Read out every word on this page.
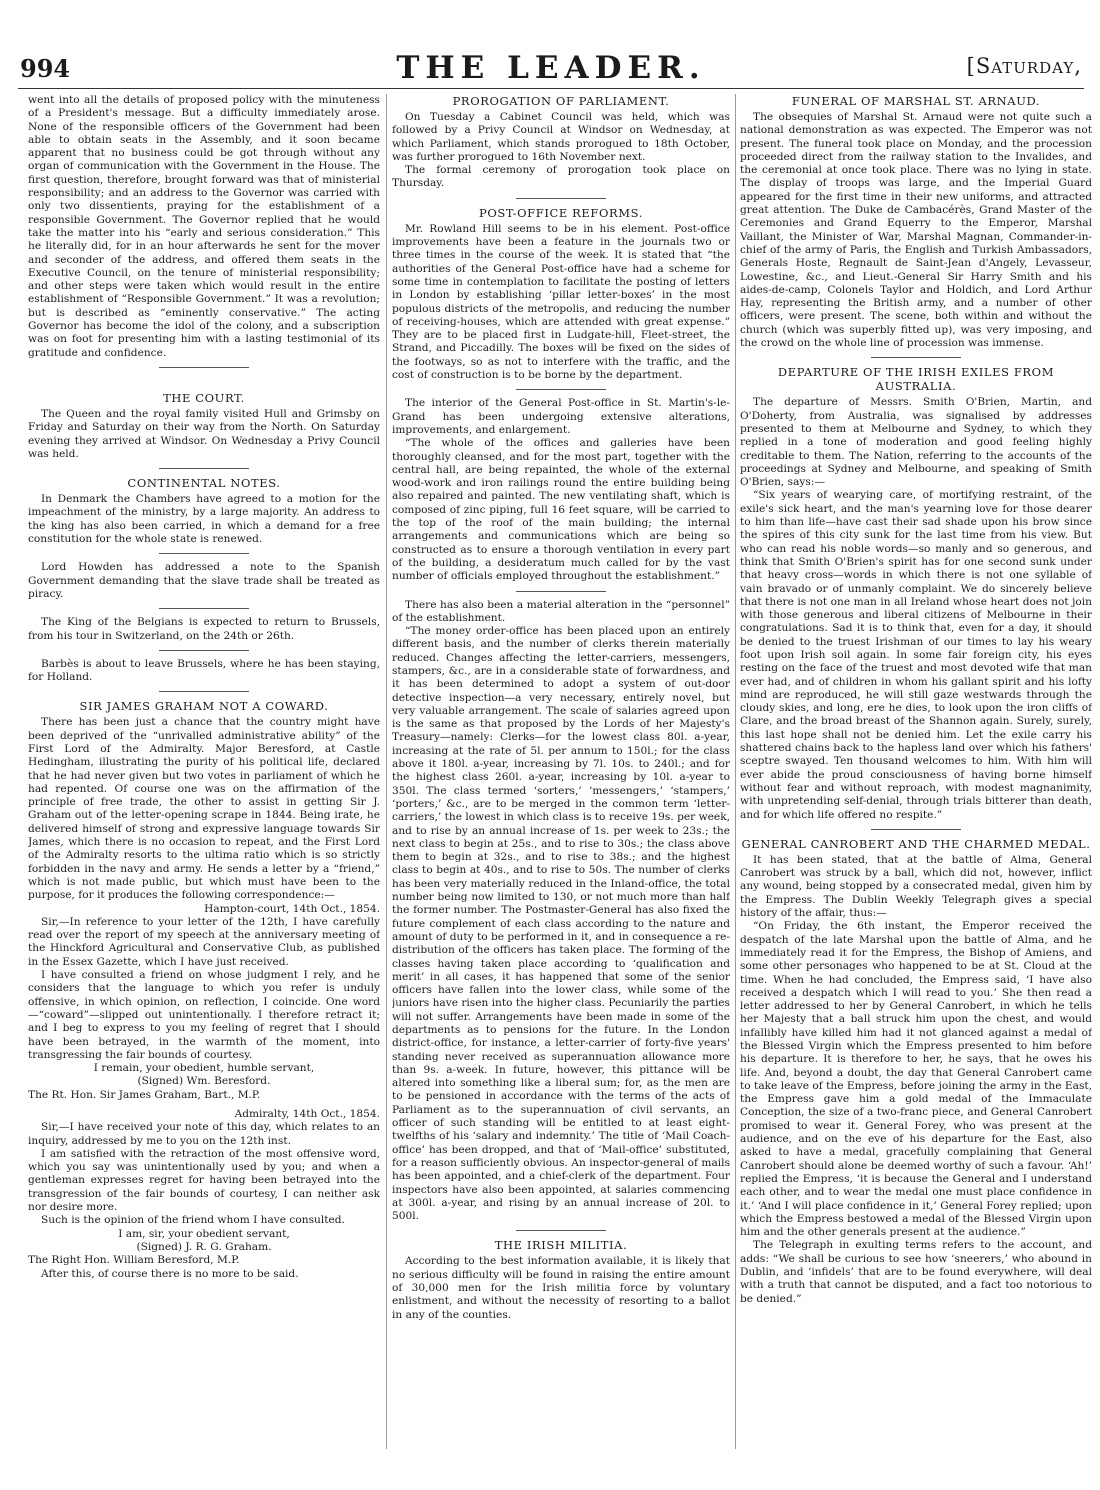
994	THE LEADER.	[Saturday,

went into all the details of proposed policy with the minuteness of a President's message. But a difficulty immediately arose. None of the responsible officers of the Government had been able to obtain seats in the Assembly, and it soon became apparent that no business could be got through without any organ of communication with the Government in the House. The first question, therefore, brought forward was that of ministerial responsibility; and an address to the Governor was carried with only two dissentients, praying for the establishment of a responsible Government. The Governor replied that he would take the matter into his “early and serious consideration.” This he literally did, for in an hour afterwards he sent for the mover and seconder of the address, and offered them seats in the Executive Council, on the tenure of ministerial responsibility; and other steps were taken which would result in the entire establishment of “Responsible Government.” It was a revolution; but is described as “eminently conservative.” The acting Governor has become the idol of the colony, and a subscription was on foot for presenting him with a lasting testimonial of its gratitude and confidence.

THE COURT.

The Queen and the royal family visited Hull and Grimsby on Friday and Saturday on their way from the North. On Saturday evening they arrived at Windsor. On Wednesday a Privy Council was held.

CONTINENTAL NOTES.

In Denmark the Chambers have agreed to a motion for the impeachment of the ministry, by a large majority. An address to the king has also been carried, in which a demand for a free constitution for the whole state is renewed.

Lord Howden has addressed a note to the Spanish Government demanding that the slave trade shall be treated as piracy.

The King of the Belgians is expected to return to Brussels, from his tour in Switzerland, on the 24th or 26th.

Barbès is about to leave Brussels, where he has been staying, for Holland.

SIR JAMES GRAHAM NOT A COWARD.

There has been just a chance that the country might have been deprived of the “unrivalled administrative ability” of the First Lord of the Admiralty. Major Beresford, at Castle Hedingham, illustrating the purity of his political life, declared that he had never given but two votes in parliament of which he had repented. Of course one was on the affirmation of the principle of free trade, the other to assist in getting Sir J. Graham out of the letter-opening scrape in 1844. Being irate, he delivered himself of strong and expressive language towards Sir James, which there is no occasion to repeat, and the First Lord of the Admiralty resorts to the ultima ratio which is so strictly forbidden in the navy and army. He sends a letter by a “friend,” which is not made public, but which must have been to the purpose, for it produces the following correspondence:—

Hampton-court, 14th Oct., 1854.

Sir,—In reference to your letter of the 12th, I have carefully read over the report of my speech at the anniversary meeting of the Hinckford Agricultural and Conservative Club, as published in the Essex Gazette, which I have just received.

I have consulted a friend on whose judgment I rely, and he considers that the language to which you refer is unduly offensive, in which opinion, on reflection, I coincide. One word—“coward”—slipped out unintentionally. I therefore retract it; and I beg to express to you my feeling of regret that I should have been betrayed, in the warmth of the moment, into transgressing the fair bounds of courtesy.

I remain, your obedient, humble servant,

(Signed) Wm. Beresford.

The Rt. Hon. Sir James Graham, Bart., M.P.

Admiralty, 14th Oct., 1854.

Sir,—I have received your note of this day, which relates to an inquiry, addressed by me to you on the 12th inst.

I am satisfied with the retraction of the most offensive word, which you say was unintentionally used by you; and when a gentleman expresses regret for having been betrayed into the transgression of the fair bounds of courtesy, I can neither ask nor desire more.

Such is the opinion of the friend whom I have consulted.

I am, sir, your obedient servant,

(Signed) J. R. G. Graham.

The Right Hon. William Beresford, M.P.

After this, of course there is no more to be said.

PROROGATION OF PARLIAMENT.

On Tuesday a Cabinet Council was held, which was followed by a Privy Council at Windsor on Wednesday, at which Parliament, which stands prorogued to 18th October, was further prorogued to 16th November next.

The formal ceremony of prorogation took place on Thursday.

POST-OFFICE REFORMS.

Mr. Rowland Hill seems to be in his element. Post-office improvements have been a feature in the journals two or three times in the course of the week. It is stated that “the authorities of the General Post-office have had a scheme for some time in contemplation to facilitate the posting of letters in London by establishing ‘pillar letter-boxes’ in the most populous districts of the metropolis, and reducing the number of receiving-houses, which are attended with great expense.” They are to be placed first in Ludgate-hill, Fleet-street, the Strand, and Piccadilly. The boxes will be fixed on the sides of the footways, so as not to interfere with the traffic, and the cost of construction is to be borne by the department.

The interior of the General Post-office in St. Martin's-le-Grand has been undergoing extensive alterations, improvements, and enlargement.

“The whole of the offices and galleries have been thoroughly cleansed, and for the most part, together with the central hall, are being repainted, the whole of the external wood-work and iron railings round the entire building being also repaired and painted. The new ventilating shaft, which is composed of zinc piping, full 16 feet square, will be carried to the top of the roof of the main building; the internal arrangements and communications which are being so constructed as to ensure a thorough ventilation in every part of the building, a desideratum much called for by the vast number of officials employed throughout the establishment.”

There has also been a material alteration in the “personnel” of the establishment.

“The money order-office has been placed upon an entirely different basis, and the number of clerks therein materially reduced. Changes affecting the letter-carriers, messengers, stampers, &c., are in a considerable state of forwardness, and it has been determined to adopt a system of out-door detective inspection—a very necessary, entirely novel, but very valuable arrangement. The scale of salaries agreed upon is the same as that proposed by the Lords of her Majesty's Treasury—namely: Clerks—for the lowest class 80l. a-year, increasing at the rate of 5l. per annum to 150l.; for the class above it 180l. a-year, increasing by 7l. 10s. to 240l.; and for the highest class 260l. a-year, increasing by 10l. a-year to 350l. The class termed ‘sorters,’ ‘messengers,’ ‘stampers,’ ‘porters,’ &c., are to be merged in the common term ‘letter-carriers,’ the lowest in which class is to receive 19s. per week, and to rise by an annual increase of 1s. per week to 23s.; the next class to begin at 25s., and to rise to 30s.; the class above them to begin at 32s., and to rise to 38s.; and the highest class to begin at 40s., and to rise to 50s. The number of clerks has been very materially reduced in the Inland-office, the total number being now limited to 130, or not much more than half the former number. The Postmaster-General has also fixed the future complement of each class according to the nature and amount of duty to be performed in it, and in consequence a re-distribution of the officers has taken place. The forming of the classes having taken place according to ‘qualification and merit’ in all cases, it has happened that some of the senior officers have fallen into the lower class, while some of the juniors have risen into the higher class. Pecuniarily the parties will not suffer. Arrangements have been made in some of the departments as to pensions for the future. In the London district-office, for instance, a letter-carrier of forty-five years' standing never received as superannuation allowance more than 9s. a-week. In future, however, this pittance will be altered into something like a liberal sum; for, as the men are to be pensioned in accordance with the terms of the acts of Parliament as to the superannuation of civil servants, an officer of such standing will be entitled to at least eight-twelfths of his ‘salary and indemnity.’ The title of ‘Mail Coach-office’ has been dropped, and that of ‘Mail-office’ substituted, for a reason sufficiently obvious. An inspector-general of mails has been appointed, and a chief-clerk of the department. Four inspectors have also been appointed, at salaries commencing at 300l. a-year, and rising by an annual increase of 20l. to 500l.

THE IRISH MILITIA.

According to the best information available, it is likely that no serious difficulty will be found in raising the entire amount of 30,000 men for the Irish militia force by voluntary enlistment, and without the necessity of resorting to a ballot in any of the counties.

FUNERAL OF MARSHAL ST. ARNAUD.

The obsequies of Marshal St. Arnaud were not quite such a national demonstration as was expected. The Emperor was not present. The funeral took place on Monday, and the procession proceeded direct from the railway station to the Invalides, and the ceremonial at once took place. There was no lying in state. The display of troops was large, and the Imperial Guard appeared for the first time in their new uniforms, and attracted great attention. The Duke de Cambacérès, Grand Master of the Ceremonies and Grand Equerry to the Emperor, Marshal Vaillant, the Minister of War, Marshal Magnan, Commander-in-chief of the army of Paris, the English and Turkish Ambassadors, Generals Hoste, Regnault de Saint-Jean d'Angely, Levasseur, Lowestine, &c., and Lieut.-General Sir Harry Smith and his aides-de-camp, Colonels Taylor and Holdich, and Lord Arthur Hay, representing the British army, and a number of other officers, were present. The scene, both within and without the church (which was superbly fitted up), was very imposing, and the crowd on the whole line of procession was immense.

DEPARTURE OF THE IRISH EXILES FROM AUSTRALIA.

The departure of Messrs. Smith O'Brien, Martin, and O'Doherty, from Australia, was signalised by addresses presented to them at Melbourne and Sydney, to which they replied in a tone of moderation and good feeling highly creditable to them. The Nation, referring to the accounts of the proceedings at Sydney and Melbourne, and speaking of Smith O'Brien, says:—

“Six years of wearying care, of mortifying restraint, of the exile's sick heart, and the man's yearning love for those dearer to him than life—have cast their sad shade upon his brow since the spires of this city sunk for the last time from his view. But who can read his noble words—so manly and so generous, and think that Smith O'Brien's spirit has for one second sunk under that heavy cross—words in which there is not one syllable of vain bravado or of unmanly complaint. We do sincerely believe that there is not one man in all Ireland whose heart does not join with those generous and liberal citizens of Melbourne in their congratulations. Sad it is to think that, even for a day, it should be denied to the truest Irishman of our times to lay his weary foot upon Irish soil again. In some fair foreign city, his eyes resting on the face of the truest and most devoted wife that man ever had, and of children in whom his gallant spirit and his lofty mind are reproduced, he will still gaze westwards through the cloudy skies, and long, ere he dies, to look upon the iron cliffs of Clare, and the broad breast of the Shannon again. Surely, surely, this last hope shall not be denied him. Let the exile carry his shattered chains back to the hapless land over which his fathers' sceptre swayed. Ten thousand welcomes to him. With him will ever abide the proud consciousness of having borne himself without fear and without reproach, with modest magnanimity, with unpretending self-denial, through trials bitterer than death, and for which life offered no respite.”

GENERAL CANROBERT AND THE CHARMED MEDAL.

It has been stated, that at the battle of Alma, General Canrobert was struck by a ball, which did not, however, inflict any wound, being stopped by a consecrated medal, given him by the Empress. The Dublin Weekly Telegraph gives a special history of the affair, thus:—

“On Friday, the 6th instant, the Emperor received the despatch of the late Marshal upon the battle of Alma, and he immediately read it for the Empress, the Bishop of Amiens, and some other personages who happened to be at St. Cloud at the time. When he had concluded, the Empress said, ‘I have also received a despatch which I will read to you.’ She then read a letter addressed to her by General Canrobert, in which he tells her Majesty that a ball struck him upon the chest, and would infallibly have killed him had it not glanced against a medal of the Blessed Virgin which the Empress presented to him before his departure. It is therefore to her, he says, that he owes his life. And, beyond a doubt, the day that General Canrobert came to take leave of the Empress, before joining the army in the East, the Empress gave him a gold medal of the Immaculate Conception, the size of a two-franc piece, and General Canrobert promised to wear it. General Forey, who was present at the audience, and on the eve of his departure for the East, also asked to have a medal, gracefully complaining that General Canrobert should alone be deemed worthy of such a favour. ‘Ah!’ replied the Empress, ‘it is because the General and I understand each other, and to wear the medal one must place confidence in it.’ ‘And I will place confidence in it,’ General Forey replied; upon which the Empress bestowed a medal of the Blessed Virgin upon him and the other generals present at the audience.”

The Telegraph in exulting terms refers to the account, and adds: “We shall be curious to see how ‘sneerers,’ who abound in Dublin, and ‘infidels’ that are to be found everywhere, will deal with a truth that cannot be disputed, and a fact too notorious to be denied.”
